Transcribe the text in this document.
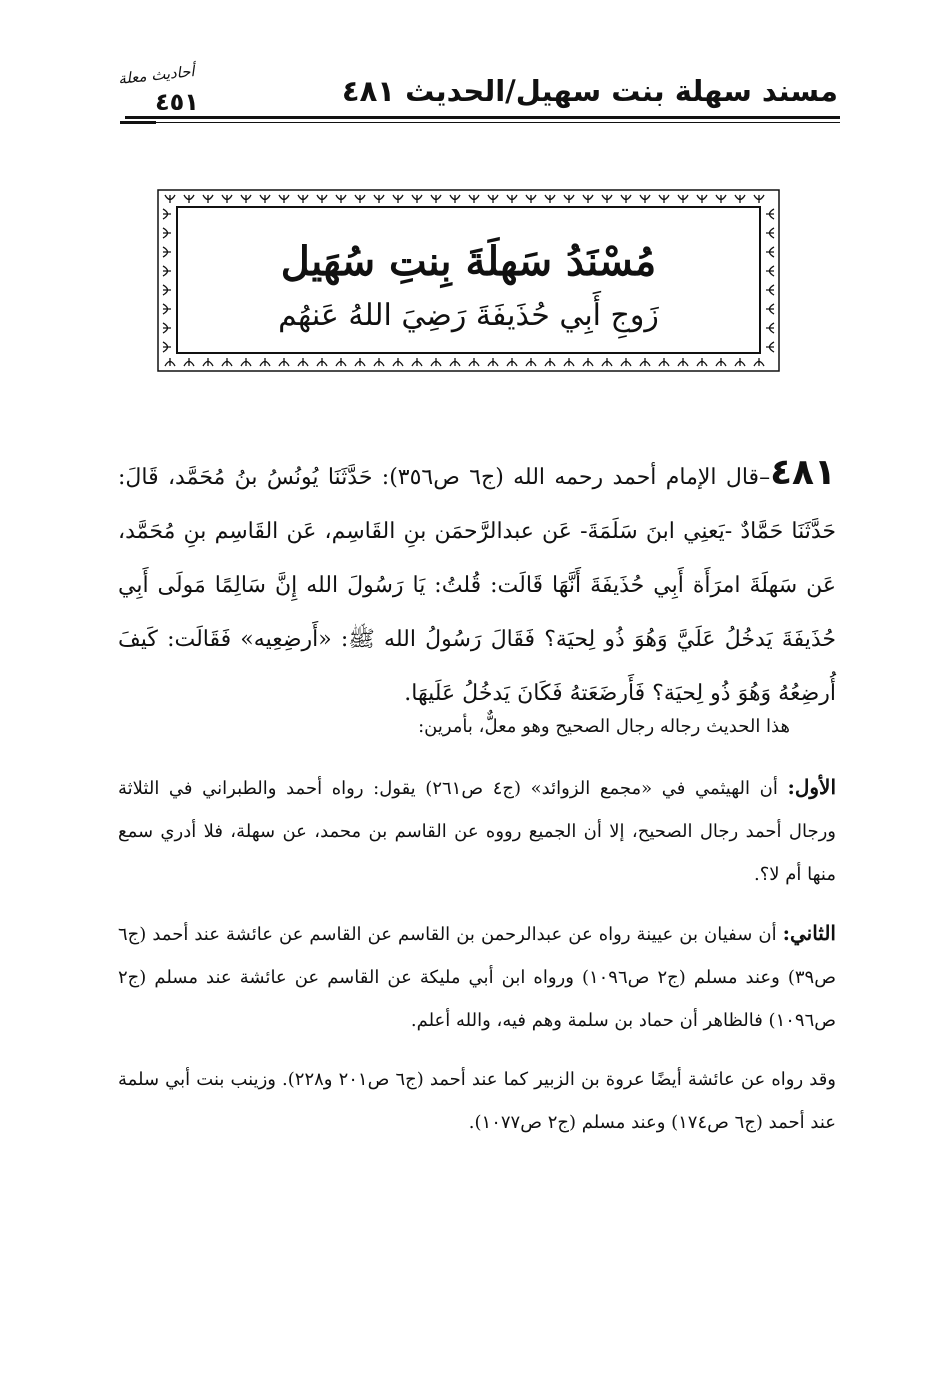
أحاديث معلة
٤٥١	مسند سهلة بنت سهيل/الحديث ٤٨١
مُسْنَدُ سَهلَةَ بِنتِ سُهَيل
زَوجِ أَبِي حُذَيفَةَ رَضِيَ اللهُ عَنهُم
٤٨١–قال الإمام أحمد رحمه الله (ج٦ ص٣٥٦): حَدَّثَنَا يُونُسُ بنُ مُحَمَّد، قَالَ: حَدَّثَنَا حَمَّادٌ -يَعنِي ابنَ سَلَمَةَ- عَن عبدالرَّحمَن بنِ القَاسِم، عَن القَاسِم بنِ مُحَمَّد، عَن سَهلَةَ امرَأَة أَبِي حُذَيفَةَ أَنَّهَا قَالَت: قُلتُ: يَا رَسُولَ الله إِنَّ سَالِمًا مَولَى أَبِي حُذَيفَةَ يَدخُلُ عَلَيَّ وَهُوَ ذُو لِحيَة؟ فَقَالَ رَسُولُ الله ﷺ: «أَرضِعِيه» فَقَالَت: كَيفَ أُرضِعُهُ وَهُوَ ذُو لِحيَة؟ فَأَرضَعَتهُ فَكَانَ يَدخُلُ عَلَيهَا.
هذا الحديث رجاله رجال الصحيح وهو معلٌّ، بأمرين:
الأول: أن الهيثمي في «مجمع الزوائد» (ج٤ ص٢٦١) يقول: رواه أحمد والطبراني في الثلاثة ورجال أحمد رجال الصحيح، إلا أن الجميع رووه عن القاسم بن محمد، عن سهلة، فلا أدري سمع منها أم لا؟.
الثاني: أن سفيان بن عيينة رواه عن عبدالرحمن بن القاسم عن القاسم عن عائشة عند أحمد (ج٦ ص٣٩) وعند مسلم (ج٢ ص١٠٩٦) ورواه ابن أبي مليكة عن القاسم عن عائشة عند مسلم (ج٢ ص١٠٩٦) فالظاهر أن حماد بن سلمة وهم فيه، والله أعلم.
وقد رواه عن عائشة أيضًا عروة بن الزبير كما عند أحمد (ج٦ ص٢٠١ و٢٢٨). وزينب بنت أبي سلمة عند أحمد (ج٦ ص١٧٤) وعند مسلم (ج٢ ص١٠٧٧).
